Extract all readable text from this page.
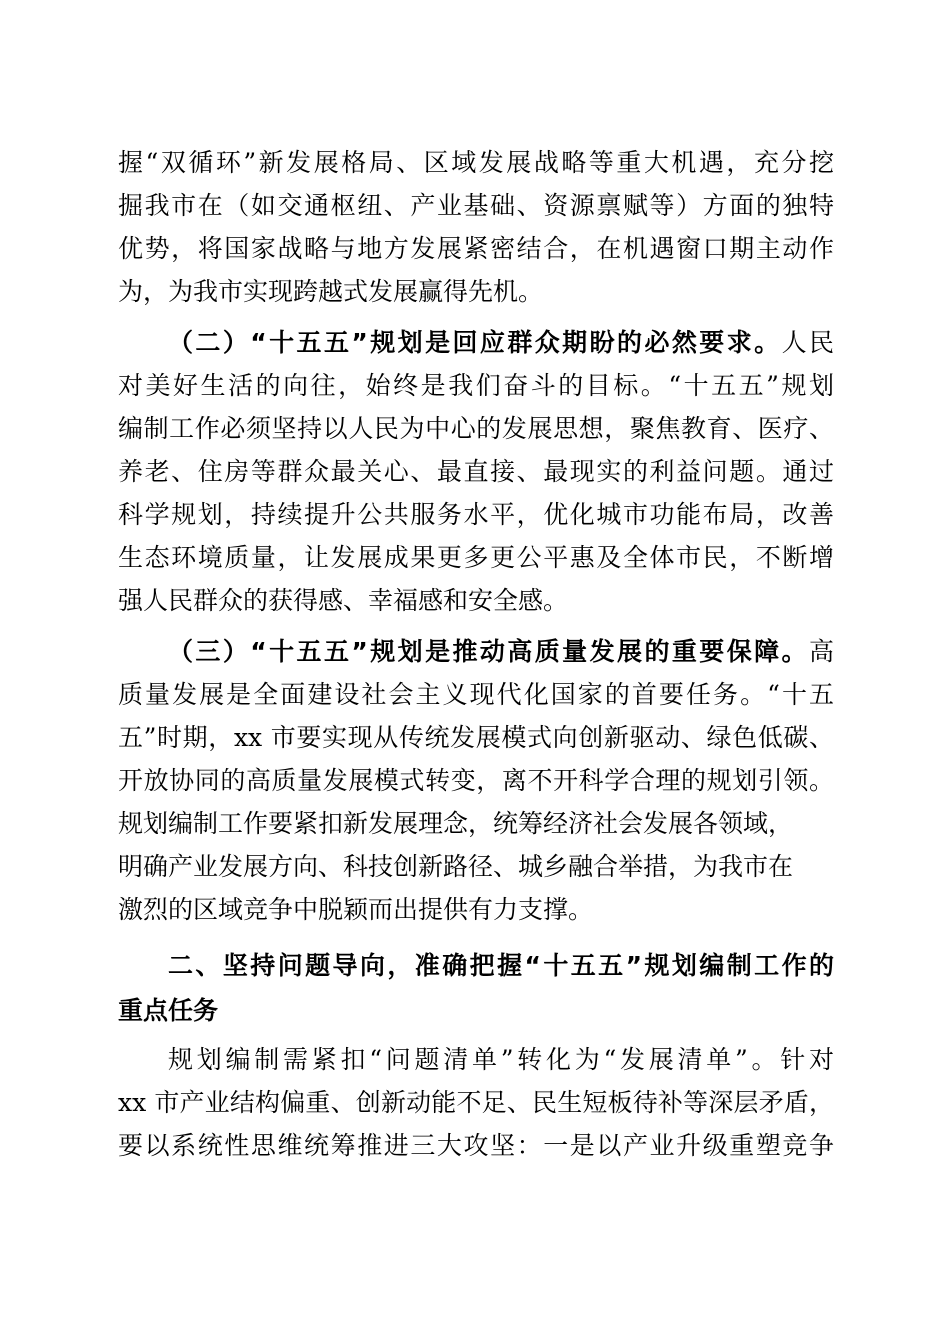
握“双循环”新发展格局、区域发展战略等重大机遇，充分挖
掘我市在（如交通枢纽、产业基础、资源禀赋等）方面的独特
优势，将国家战略与地方发展紧密结合，在机遇窗口期主动作
为，为我市实现跨越式发展赢得先机。
（二）“十五五”规划是回应群众期盼的必然要求。人民
对美好生活的向往，始终是我们奋斗的目标。“十五五”规划
编制工作必须坚持以人民为中心的发展思想，聚焦教育、医疗、
养老、住房等群众最关心、最直接、最现实的利益问题。通过
科学规划，持续提升公共服务水平，优化城市功能布局，改善
生态环境质量，让发展成果更多更公平惠及全体市民，不断增
强人民群众的获得感、幸福感和安全感。
（三）“十五五”规划是推动高质量发展的重要保障。高
质量发展是全面建设社会主义现代化国家的首要任务。“十五
五”时期，xx 市要实现从传统发展模式向创新驱动、绿色低碳、
开放协同的高质量发展模式转变，离不开科学合理的规划引领。
规划编制工作要紧扣新发展理念，统筹经济社会发展各领域，
明确产业发展方向、科技创新路径、城乡融合举措，为我市在
激烈的区域竞争中脱颖而出提供有力支撑。
二、坚持问题导向，准确把握“十五五”规划编制工作的
重点任务
规划编制需紧扣“问题清单”转化为“发展清单”。针对
xx 市产业结构偏重、创新动能不足、民生短板待补等深层矛盾，
要以系统性思维统筹推进三大攻坚：一是以产业升级重塑竞争
